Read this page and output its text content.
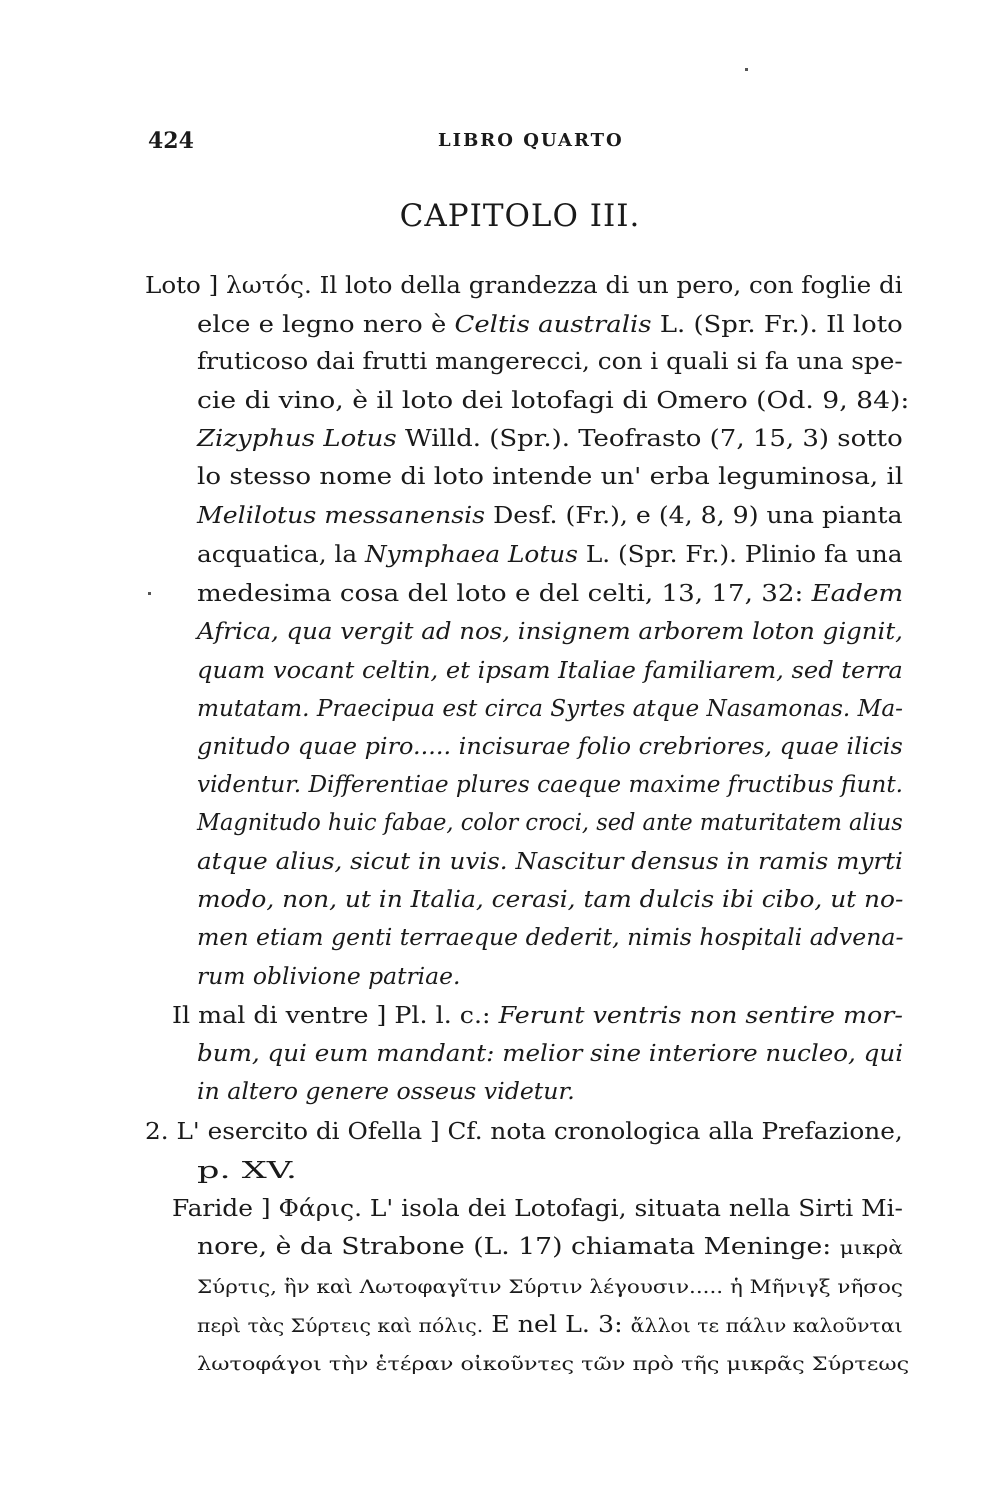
424	LIBRO QUARTO
CAPITOLO III.
Loto ] λωτός. Il loto della grandezza di un pero, con foglie di
elce e legno nero è Celtis australis L. (Spr. Fr.). Il loto
fruticoso dai frutti mangerecci, con i quali si fa una spe-
cie di vino, è il loto dei lotofagi di Omero (Od. 9, 84):
Zizyphus Lotus Willd. (Spr.). Teofrasto (7, 15, 3) sotto
lo stesso nome di loto intende un' erba leguminosa, il
Melilotus messanensis Desf. (Fr.), e (4, 8, 9) una pianta
acquatica, la Nymphaea Lotus L. (Spr. Fr.). Plinio fa una
medesima cosa del loto e del celti, 13, 17, 32: Eadem
Africa, qua vergit ad nos, insignem arborem loton gignit,
quam vocant celtin, et ipsam Italiae familiarem, sed terra
mutatam. Praecipua est circa Syrtes atque Nasamonas. Ma-
gnitudo quae piro..... incisurae folio crebriores, quae ilicis
videntur. Differentiae plures caeque maxime fructibus fiunt.
Magnitudo huic fabae, color croci, sed ante maturitatem alius
atque alius, sicut in uvis. Nascitur densus in ramis myrti
modo, non, ut in Italia, cerasi, tam dulcis ibi cibo, ut no-
men etiam genti terraeque dederit, nimis hospitali advena-
rum oblivione patriae.
Il mal di ventre ] Pl. l. c.: Ferunt ventris non sentire mor-
bum, qui eum mandant: melior sine interiore nucleo, qui
in altero genere osseus videtur.
2. L' esercito di Ofella ] Cf. nota cronologica alla Prefazione,
p. XV.
Faride ] Φάρις. L' isola dei Lotofagi, situata nella Sirti Mi-
nore, è da Strabone (L. 17) chiamata Meninge: μικρὰ
Σύρτις, ἣν καὶ Λωτοφαγῖτιν Σύρτιν λέγουσιν..... ἡ Μῆνιγξ νῆσος
περὶ τὰς Σύρτεις καὶ πόλις. E nel L. 3: ἄλλοι τε πάλιν καλοῦνται
λωτοφάγοι τὴν ἑτέραν οἰκοῦντες τῶν πρὸ τῆς μικρᾶς Σύρτεως
